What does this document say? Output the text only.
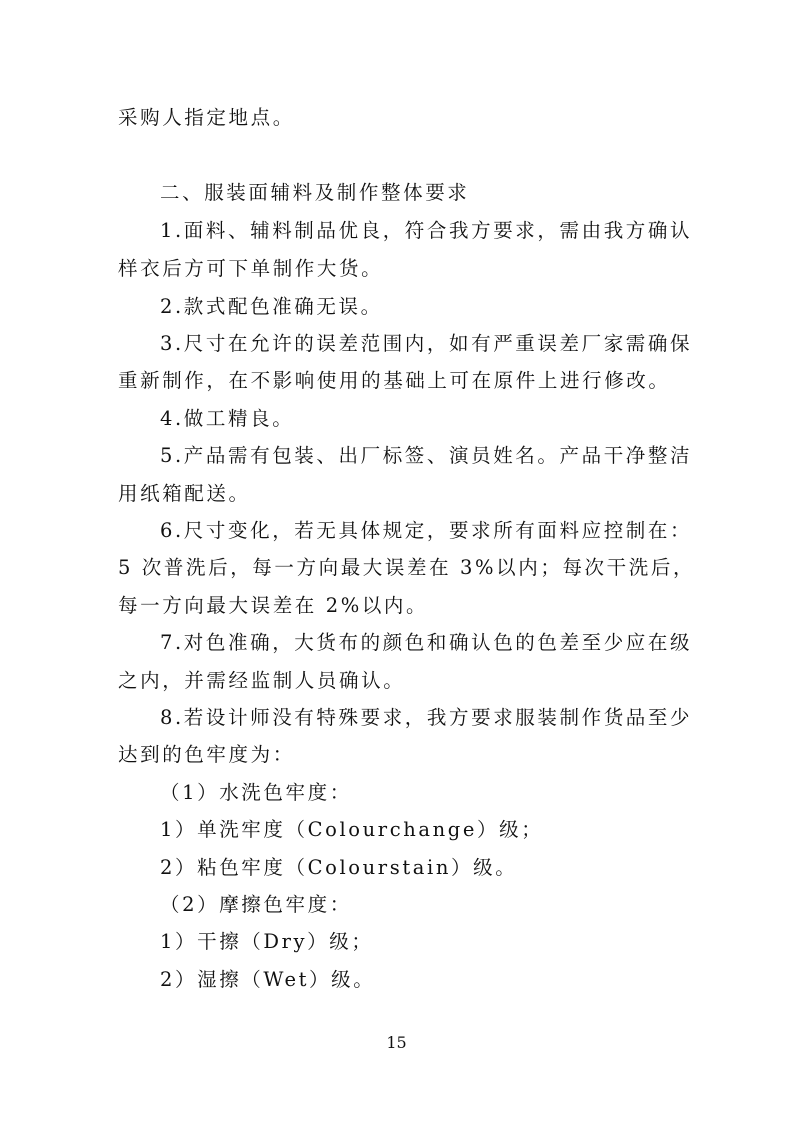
采购人指定地点。
二、服装面辅料及制作整体要求
1.面料、辅料制品优良，符合我方要求，需由我方确认
样衣后方可下单制作大货。
2.款式配色准确无误。
3.尺寸在允许的误差范围内，如有严重误差厂家需确保
重新制作，在不影响使用的基础上可在原件上进行修改。
4.做工精良。
5.产品需有包装、出厂标签、演员姓名。产品干净整洁
用纸箱配送。
6.尺寸变化，若无具体规定，要求所有面料应控制在：
5 次普洗后，每一方向最大误差在 3%以内；每次干洗后，
每一方向最大误差在 2%以内。
7.对色准确，大货布的颜色和确认色的色差至少应在级
之内，并需经监制人员确认。
8.若设计师没有特殊要求，我方要求服装制作货品至少
达到的色牢度为：
（1）水洗色牢度：
1）单洗牢度（Colourchange）级；
2）粘色牢度（Colourstain）级。
（2）摩擦色牢度：
1）干擦（Dry）级；
2）湿擦（Wet）级。
15
